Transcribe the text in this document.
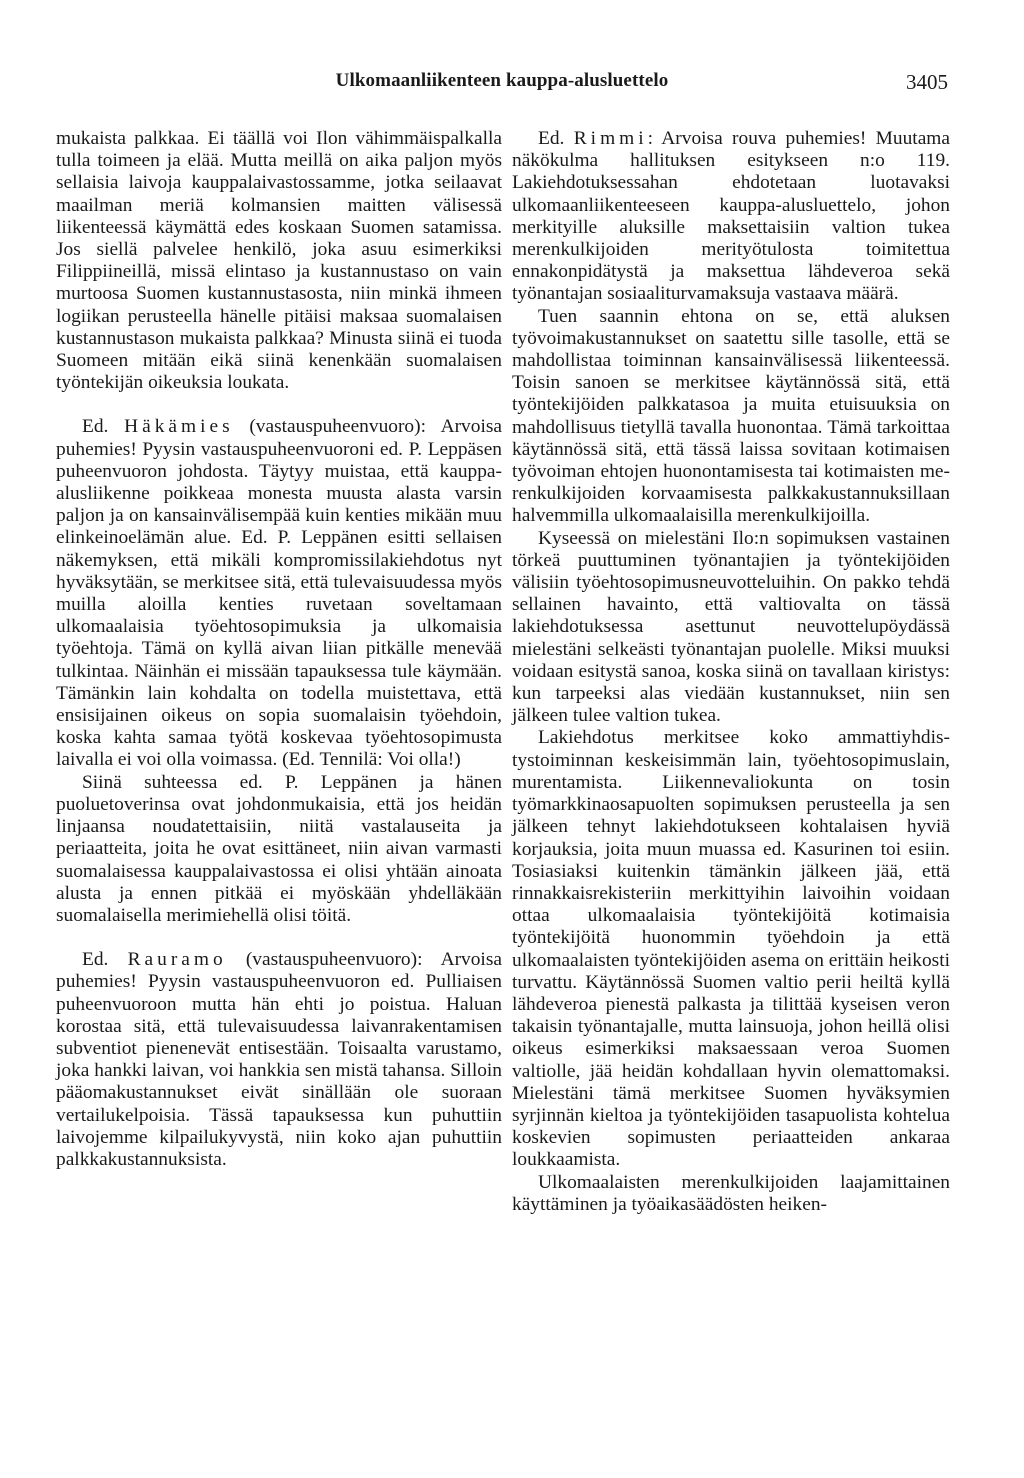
Ulkomaanliikenteen kauppa-alusluettelo	3405

mukaista palkkaa. Ei täällä voi Ilon vähimmäispalkalla tulla toimeen ja elää. Mutta meillä on aika paljon myös sellaisia laivoja kauppalaivastossamme, jotka seilaavat maailman meriä kolmansien maitten välisessä liikenteessä käymättä edes koskaan Suomen satamissa. Jos siellä palvelee henkilö, joka asuu esimerkiksi Filippiineillä, missä elintaso ja kustannustaso on vain murtoosa Suomen kustannustasosta, niin minkä ihmeen logiikan perusteella hänelle pitäisi maksaa suomalaisen kustannustason mukaista palkkaa? Minusta siinä ei tuoda Suomeen mitään eikä siinä kenenkään suomalaisen työntekijän oikeuksia loukata.

Ed. Häkämies (vastauspuheenvuoro): Arvoisa puhemies! Pyysin vastauspuheenvuoroni ed. P. Leppäsen puheenvuoron johdosta. Täytyy muistaa, että kauppa-alusliikenne poikkeaa monesta muusta alasta varsin paljon ja on kansainvälisempää kuin kenties mikään muu elinkeinoelämän alue. Ed. P. Leppänen esitti sellaisen näkemyksen, että mikäli kompromissilakiehdotus nyt hyväksytään, se merkitsee sitä, että tulevaisuudessa myös muilla aloilla kenties ruvetaan soveltamaan ulkomaalaisia työehtosopimuksia ja ulkomaisia työehtoja. Tämä on kyllä aivan liian pitkälle menevää tulkintaa. Näinhän ei missään tapauksessa tule käymään. Tämänkin lain kohdalta on todella muistettava, että ensisijainen oikeus on sopia suomalaisin työehdoin, koska kahta samaa työtä koskevaa työehtosopimusta laivalla ei voi olla voimassa. (Ed. Tennilä: Voi olla!)

Siinä suhteessa ed. P. Leppänen ja hänen puoluetoverinsa ovat johdonmukaisia, että jos heidän linjaansa noudatettaisiin, niitä vastalauseita ja periaatteita, joita he ovat esittäneet, niin aivan varmasti suomalaisessa kauppalaivastossa ei olisi yhtään ainoata alusta ja ennen pitkää ei myöskään yhdelläkään suomalaisella merimiehellä olisi töitä.

Ed. Rauramo (vastauspuheenvuoro): Arvoisa puhemies! Pyysin vastauspuheenvuoron ed. Pulliaisen puheenvuoroon mutta hän ehti jo poistua. Haluan korostaa sitä, että tulevaisuudessa laivanrakentamisen subventiot pienenevät entisestään. Toisaalta varustamo, joka hankki laivan, voi hankkia sen mistä tahansa. Silloin pääomakustannukset eivät sinällään ole suoraan vertailukelpoisia. Tässä tapauksessa kun puhuttiin laivojemme kilpailukyvystä, niin koko ajan puhuttiin palkkakustannuksista.

Ed. Rimmi: Arvoisa rouva puhemies! Muutama näkökulma hallituksen esitykseen n:o 119. Lakiehdotuksessahan ehdotetaan luotavaksi ulkomaanliikenteeseen kauppa-alusluettelo, johon merkityille aluksille maksettaisiin valtion tukea merenkulkijoiden merityötulosta toimitettua ennakonpidätystä ja maksettua lähdeveroa sekä työnantajan sosiaaliturvamaksuja vastaava määrä.

Tuen saannin ehtona on se, että aluksen työvoimakustannukset on saatettu sille tasolle, että se mahdollistaa toiminnan kansainvälisessä liikenteessä. Toisin sanoen se merkitsee käytännössä sitä, että työntekijöiden palkkatasoa ja muita etuisuuksia on mahdollisuus tietyllä tavalla huonontaa. Tämä tarkoittaa käytännössä sitä, että tässä laissa sovitaan kotimaisen työvoiman ehtojen huonontamisesta tai kotimaisten merenkulkijoiden korvaamisesta palkkakustannuksillaan halvemmilla ulkomaalaisilla merenkulkijoilla.

Kyseessä on mielestäni Ilo:n sopimuksen vastainen törkeä puuttuminen työnantajien ja työntekijöiden välisiin työehtosopimusneuvotteluihin. On pakko tehdä sellainen havainto, että valtiovalta on tässä lakiehdotuksessa asettunut neuvottelupöydässä mielestäni selkeästi työnantajan puolelle. Miksi muuksi voidaan esitystä sanoa, koska siinä on tavallaan kiristys: kun tarpeeksi alas viedään kustannukset, niin sen jälkeen tulee valtion tukea.

Lakiehdotus merkitsee koko ammattiyhdistystoiminnan keskeisimmän lain, työehtosopimuslain, murentamista. Liikennevaliokunta on tosin työmarkkinaosapuolten sopimuksen perusteella ja sen jälkeen tehnyt lakiehdotukseen kohtalaisen hyviä korjauksia, joita muun muassa ed. Kasurinen toi esiin. Tosiasiaksi kuitenkin tämänkin jälkeen jää, että rinnakkaisrekisteriin merkittyihin laivoihin voidaan ottaa ulkomaalaisia työntekijöitä kotimaisia työntekijöitä huonommin työehdoin ja että ulkomaalaisten työntekijöiden asema on erittäin heikosti turvattu. Käytännössä Suomen valtio perii heiltä kyllä lähdeveroa pienestä palkasta ja tilittää kyseisen veron takaisin työnantajalle, mutta lainsuoja, johon heillä olisi oikeus esimerkiksi maksaessaan veroa Suomen valtiolle, jää heidän kohdallaan hyvin olemattomaksi. Mielestäni tämä merkitsee Suomen hyväksymien syrjinnän kieltoa ja työntekijöiden tasapuolista kohtelua koskevien sopimusten periaatteiden ankaraa loukkaamista.

Ulkomaalaisten merenkulkijoiden laajamittainen käyttäminen ja työaikasäädösten heiken-
